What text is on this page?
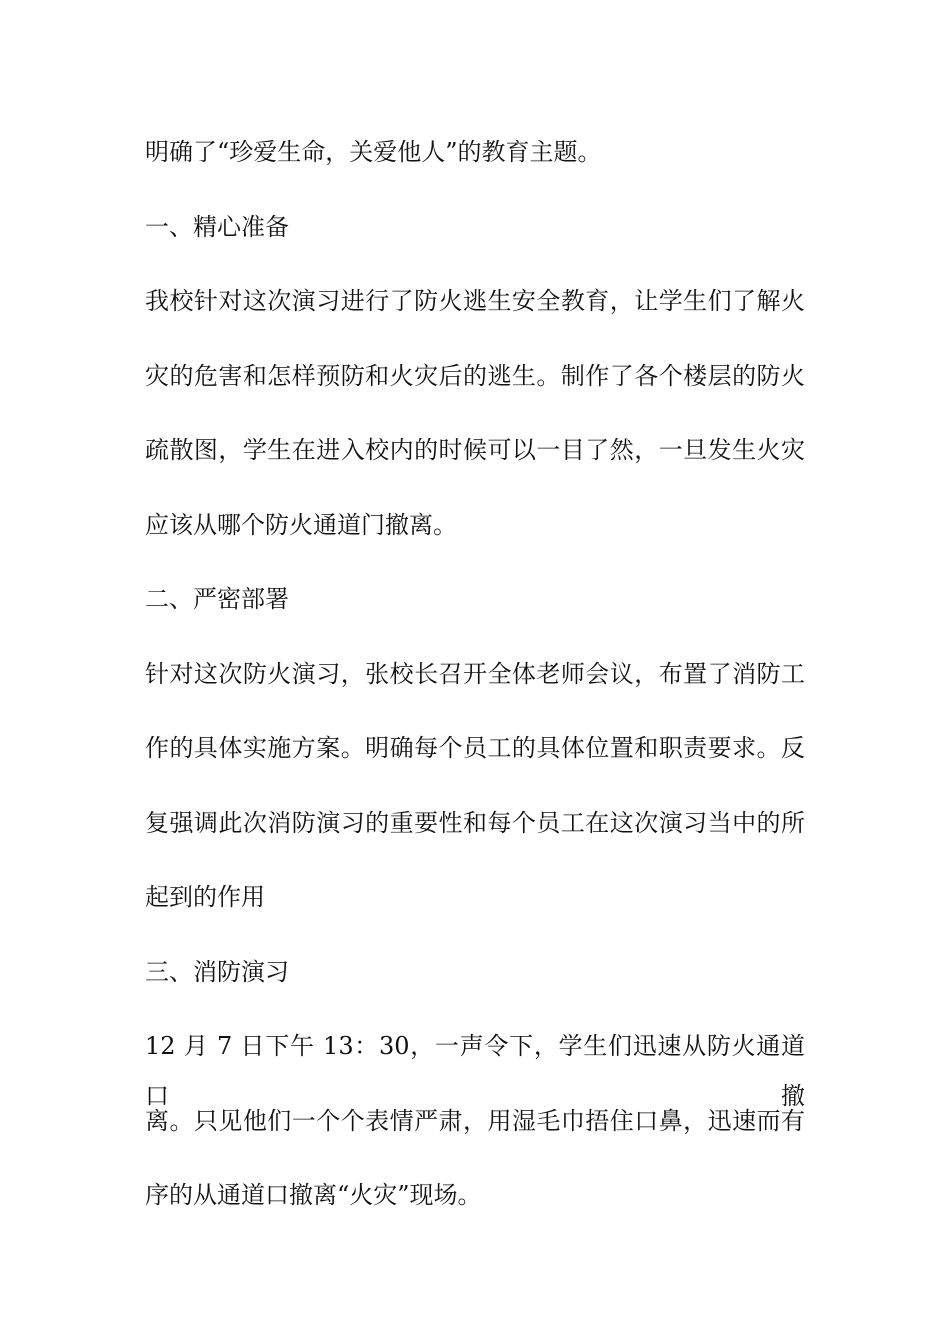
明确了“珍爱生命，关爱他人”的教育主题。
一、精心准备
我校针对这次演习进行了防火逃生安全教育，让学生们了解火
灾的危害和怎样预防和火灾后的逃生。制作了各个楼层的防火
疏散图，学生在进入校内的时候可以一目了然，一旦发生火灾
应该从哪个防火通道门撤离。
二、严密部署
针对这次防火演习，张校长召开全体老师会议，布置了消防工
作的具体实施方案。明确每个员工的具体位置和职责要求。反
复强调此次消防演习的重要性和每个员工在这次演习当中的所
起到的作用
三、消防演习
12 月 7 日下午 13：30，一声令下，学生们迅速从防火通道口撤
离。只见他们一个个表情严肃，用湿毛巾捂住口鼻，迅速而有
序的从通道口撤离“火灾”现场。
